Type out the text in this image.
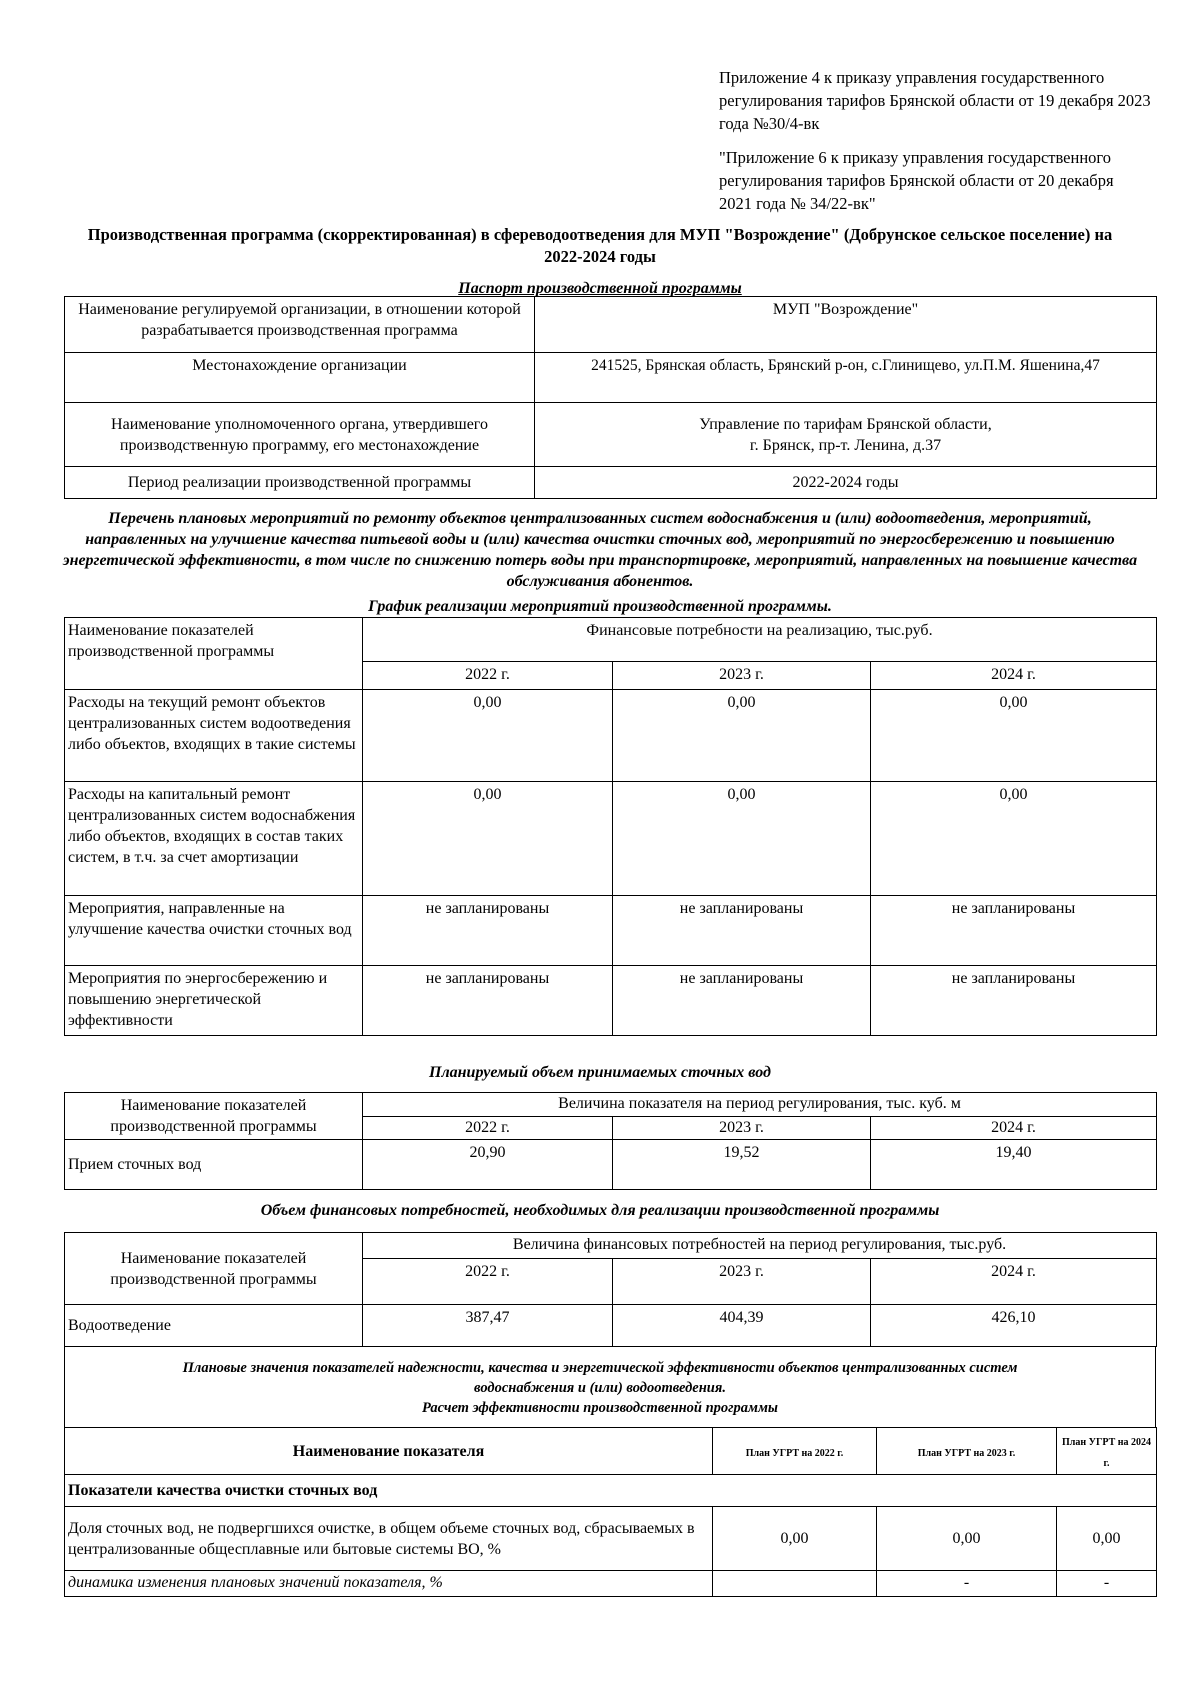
Приложение 4 к приказу управления государственного регулирования тарифов Брянской области от 19 декабря 2023 года №30/4-вк
"Приложение 6 к приказу управления государственного регулирования тарифов Брянской области от 20 декабря 2021 года № 34/22-вк"
Производственная программа (скорректированная) в сфереводоотведения для МУП "Возрождение" (Добрунское сельское поселение) на 2022-2024 годы
Паспорт производственной программы
Наименование регулируемой организации, в отношении которой разрабатывается производственная программа	МУП "Возрождение"
Местонахождение организации	241525, Брянская область, Брянский р-он, с.Глинищево, ул.П.М. Яшенина,47
Наименование уполномоченного органа, утвердившего производственную программу, его местонахождение	Управление по тарифам Брянской области,
г. Брянск, пр-т. Ленина, д.37
Период реализации производственной программы	2022-2024 годы
Перечень плановых мероприятий по ремонту объектов централизованных систем водоснабжения и (или) водоотведения, мероприятий, направленных на улучшение качества питьевой воды и (или) качества очистки сточных вод, мероприятий по энергосбережению и повышению энергетической эффективности, в том числе по снижению потерь воды при транспортировке, мероприятий, направленных на повышение качества обслуживания абонентов.
График реализации мероприятий производственной программы.
Наименование показателей производственной программы	Финансовые потребности на реализацию, тыс.руб.		
	2022 г.	2023 г.	2024 г.
Расходы на текущий ремонт объектов централизованных систем водоотведения либо объектов, входящих в такие системы	0,00	0,00	0,00
Расходы на капитальный ремонт централизованных систем водоснабжения либо объектов, входящих в состав таких систем, в т.ч. за счет амортизации	0,00	0,00	0,00
Мероприятия, направленные на улучшение качества очистки сточных вод	не запланированы	не запланированы	не запланированы
Мероприятия по энергосбережению и повышению энергетической эффективности	не запланированы	не запланированы	не запланированы
Планируемый объем принимаемых сточных вод
Наименование показателей производственной программы	Величина показателя на период регулирования, тыс. куб. м		
	2022 г.	2023 г.	2024 г.
Прием сточных вод	20,90	19,52	19,40
Объем финансовых потребностей, необходимых для реализации производственной программы
Наименование показателей производственной программы	Величина финансовых потребностей на период регулирования, тыс.руб.		
	2022 г.	2023 г.	2024 г.
Водоотведение	387,47	404,39	426,10
Плановые значения показателей надежности, качества и энергетической эффективности объектов централизованных систем
водоснабжения и (или) водоотведения.
Расчет эффективности производственной программы
Наименование показателя	План УГРТ на 2022 г.	План УГРТ на 2023 г.	План УГРТ на 2024 г.
Показатели качества очистки сточных вод			
Доля сточных вод, не подвергшихся очистке, в общем объеме сточных вод, сбрасываемых в централизованные общесплавные или бытовые системы ВО, %	0,00	0,00	0,00
динамика изменения плановых значений показателя, %		-	-
